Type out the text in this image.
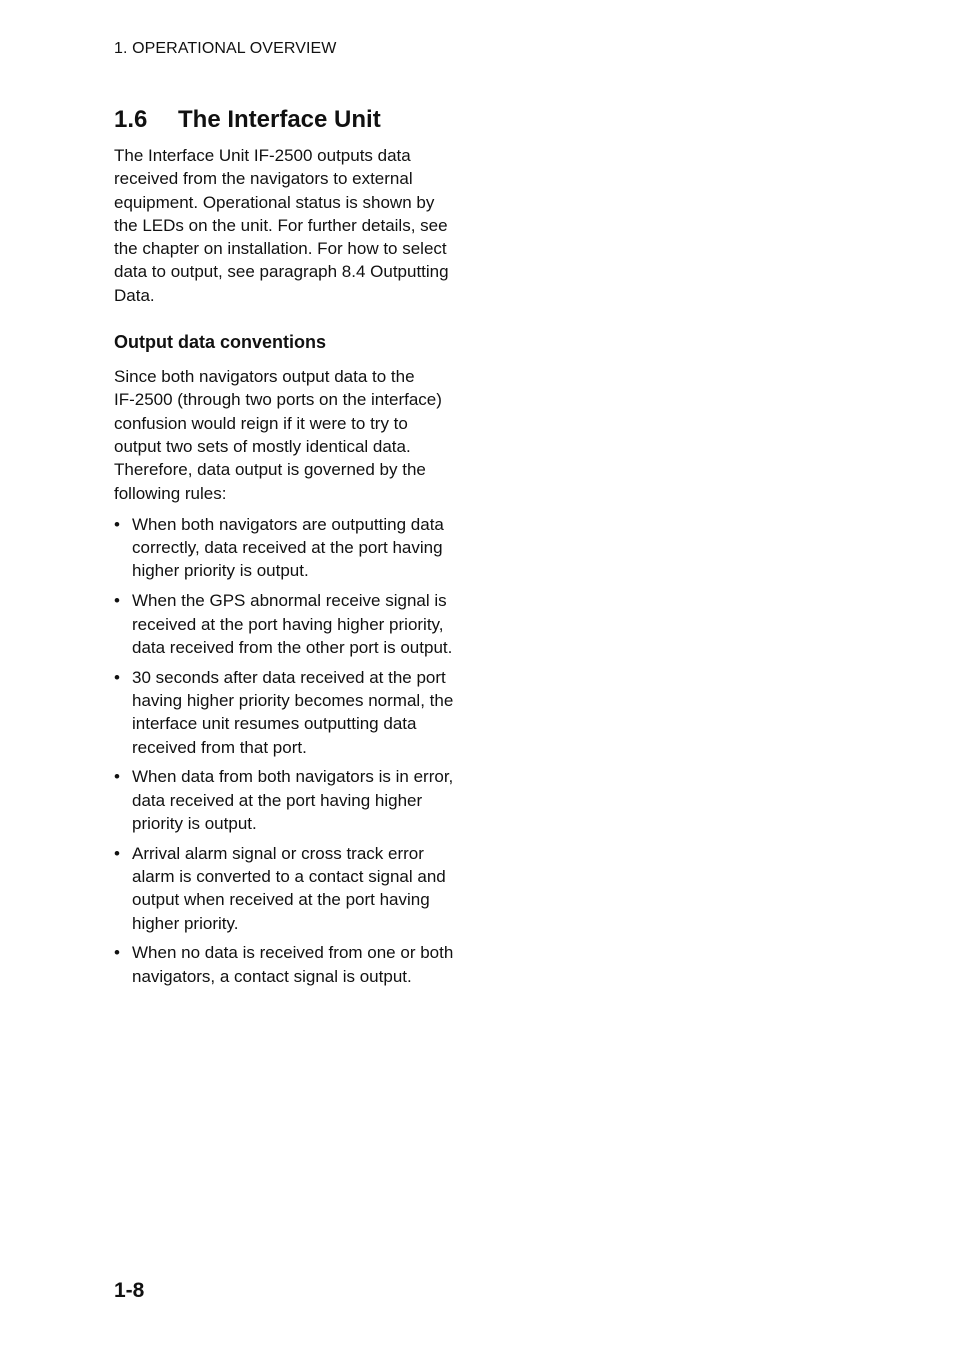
1. OPERATIONAL OVERVIEW
1.6	The Interface Unit

The Interface Unit IF-2500 outputs data
received from the navigators to external
equipment. Operational status is shown by
the LEDs on the unit. For further details, see
the chapter on installation. For how to select
data to output, see paragraph 8.4 Outputting
Data.

Output data conventions

Since both navigators output data to the
IF-2500 (through two ports on the interface)
confusion would reign if it were to try to
output two sets of mostly identical data.
Therefore, data output is governed by the
following rules:

• When both navigators are outputting data
correctly, data received at the port having
higher priority is output.
• When the GPS abnormal receive signal is
received at the port having higher priority,
data received from the other port is output.
• 30 seconds after data received at the port
having higher priority becomes normal, the
interface unit resumes outputting data
received from that port.
• When data from both navigators is in error,
data received at the port having higher
priority is output.
• Arrival alarm signal or cross track error
alarm is converted to a contact signal and
output when received at the port having
higher priority.
• When no data is received from one or both
navigators, a contact signal is output.
1-8
